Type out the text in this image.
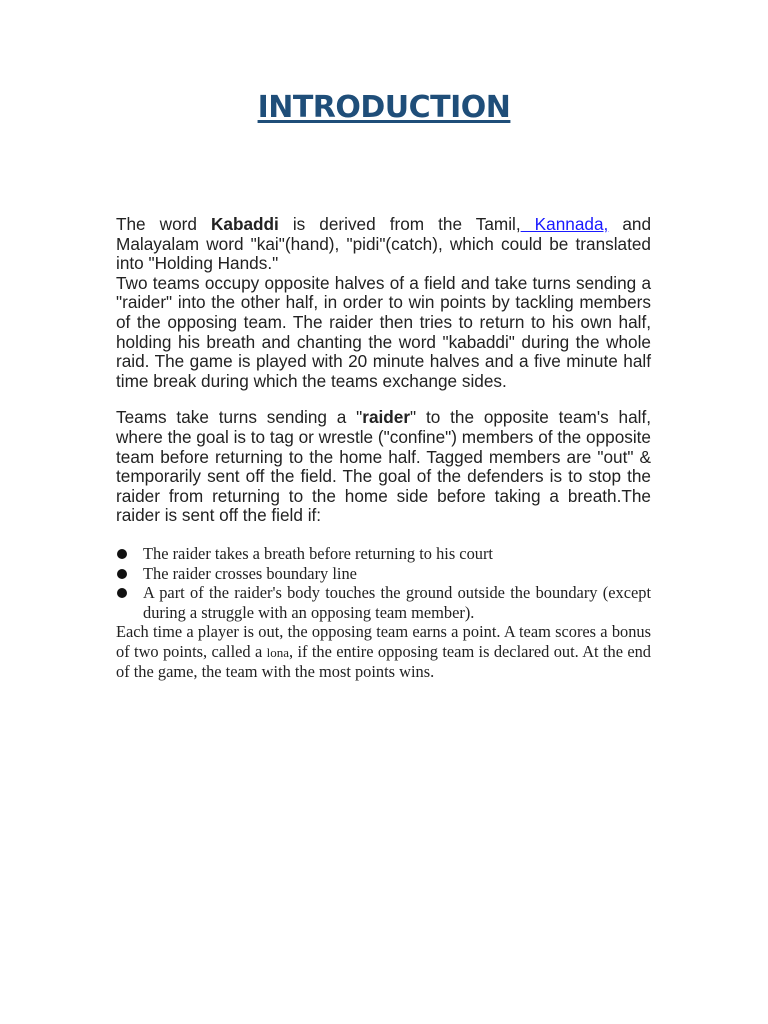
INTRODUCTION

The word Kabaddi is derived from the Tamil, Kannada, and Malayalam word "kai"(hand), "pidi"(catch), which could be translated into "Holding Hands."

Two teams occupy opposite halves of a field and take turns sending a "raider" into the other half, in order to win points by tackling members of the opposing team. The raider then tries to return to his own half, holding his breath and chanting the word "kabaddi" during the whole raid. The game is played with 20 minute halves and a five minute half time break during which the teams exchange sides.

Teams take turns sending a "raider" to the opposite team's half, where the goal is to tag or wrestle ("confine") members of the opposite team before returning to the home half. Tagged members are "out" & temporarily sent off the field. The goal of the defenders is to stop the raider from returning to the home side before taking a breath.The raider is sent off the field if:

The raider takes a breath before returning to his court
The raider crosses boundary line
A part of the raider's body touches the ground outside the boundary (except during a struggle with an opposing team member).

Each time a player is out, the opposing team earns a point. A team scores a bonus of two points, called a lona, if the entire opposing team is declared out. At the end of the game, the team with the most points wins.
